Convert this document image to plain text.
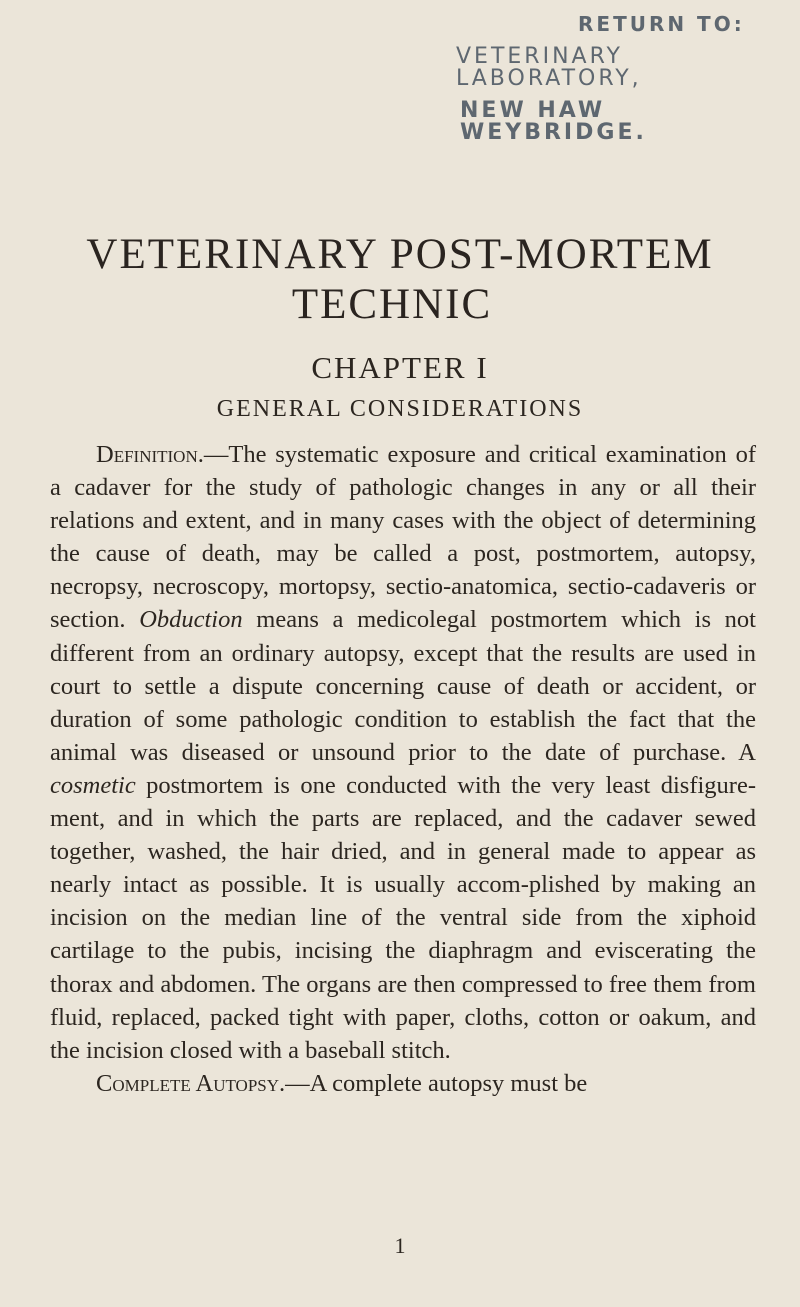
RETURN TO:
VETERINARY LABORATORY,
NEW HAW WEYBRIDGE.
VETERINARY POST-MORTEM
TECHNIC
CHAPTER I
GENERAL CONSIDERATIONS

Definition.—The systematic exposure and critical examination of a cadaver for the study of pathologic changes in any or all their relations and extent, and in many cases with the object of determining the cause of death, may be called a post, postmortem, autopsy, necropsy, necroscopy, mortopsy, sectio-anatomica, sectio-cadaveris or section. Obduction means a medicolegal postmortem which is not different from an ordinary autopsy, except that the results are used in court to settle a dispute concerning cause of death or accident, or duration of some pathologic condition to establish the fact that the animal was diseased or unsound prior to the date of purchase. A cosmetic postmortem is one conducted with the very least disfigure-ment, and in which the parts are replaced, and the cadaver sewed together, washed, the hair dried, and in general made to appear as nearly intact as possible. It is usually accom-plished by making an incision on the median line of the ventral side from the xiphoid cartilage to the pubis, incising the diaphragm and eviscerating the thorax and abdomen. The organs are then compressed to free them from fluid, replaced, packed tight with paper, cloths, cotton or oakum, and the incision closed with a baseball stitch.

Complete Autopsy.—A complete autopsy must be

1
